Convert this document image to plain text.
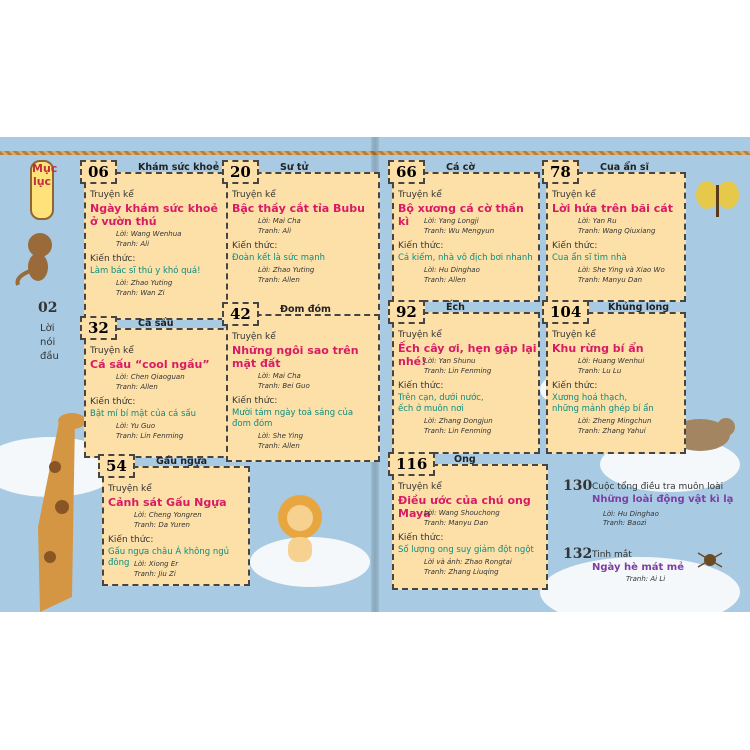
Mục lục
02
Lời
nói
đầu
06	Khám sức khoẻ
Truyện kể
Ngày khám sức khoẻ
ở vườn thú
Lời: Wang Wenhua
Tranh: Ali
Kiến thức:
Làm bác sĩ thú y khó quá!
Lời: Zhao Yuting
Tranh: Wan Zi
20	Sư tử
Truyện kể
Bậc thầy cắt tỉa Bubu
Lời: Mai Cha
Tranh: Ali
Kiến thức:
Đoàn kết là sức mạnh
Lời: Zhao Yuting
Tranh: Allen
32	Cá sấu
Truyện kể
Cá sấu “cool ngầu”
Lời: Chen Qiaoguan
Tranh: Allen
Kiến thức:
Bật mí bí mật của cá sấu
Lời: Yu Guo
Tranh: Lin Fenming
42	Đom đóm
Truyện kể
Những ngôi sao trên
mặt đất
Lời: Mai Cha
Tranh: Bei Guo
Kiến thức:
Mười tám ngày toả sáng của
đom đóm
Lời: She Ying
Tranh: Allen
54	Gấu ngựa
Truyện kể
Cảnh sát Gấu Ngựa
Lời: Cheng Yongren
Tranh: Da Yuren
Kiến thức:
Gấu ngựa châu Á không ngủ đông Lời: Xiong Er
Tranh: Jiu Zi
66	Cá cờ
Truyện kể
Bộ xương cá cờ thần kì	Lời: Yang Longji
Tranh: Wu Mengyun
Kiến thức:
Cá kiếm, nhà vô địch bơi nhanh
Lời: Hu Dinghao
Tranh: Allen
78	Cua ẩn sĩ
Truyện kể
Lời hứa trên bãi cát
Lời: Yan Ru
Tranh: Wang Qiuxiang
Kiến thức:
Cua ẩn sĩ tìm nhà
Lời: She Ying và Xiao Wo
Tranh: Manyu Dan
92	Ếch
Truyện kể
Ếch cây ơi, hẹn gặp lại nhé!
Lời: Yan Shunu
Tranh: Lin Fenming
Kiến thức:
Trên cạn, dưới nước,
ếch ở muôn nơi
Lời: Zhang Dongjun
Tranh: Lin Fenming
104	Khủng long
Truyện kể
Khu rừng bí ẩn
Lời: Huang Wenhui
Tranh: Lu Lu
Kiến thức:
Xương hoá thạch,
những mảnh ghép bí ẩn
Lời: Zheng Mingchun
Tranh: Zhang Yahui
116	Ong
Truyện kể
Điều ước của chú ong Maya
Lời: Wang Shouchong
Tranh: Manyu Dan
Kiến thức:
Số lượng ong suy giảm đột ngột
Lời và ảnh: Zhao Rongtai
Tranh: Zhang Liuqing
130 Cuộc tổng điều tra muôn loài
Những loài động vật kì lạ
Lời: Hu Dinghao
Tranh: Baozi
132 Tinh mắt
Ngày hè mát mẻ
Tranh: Ai Li
